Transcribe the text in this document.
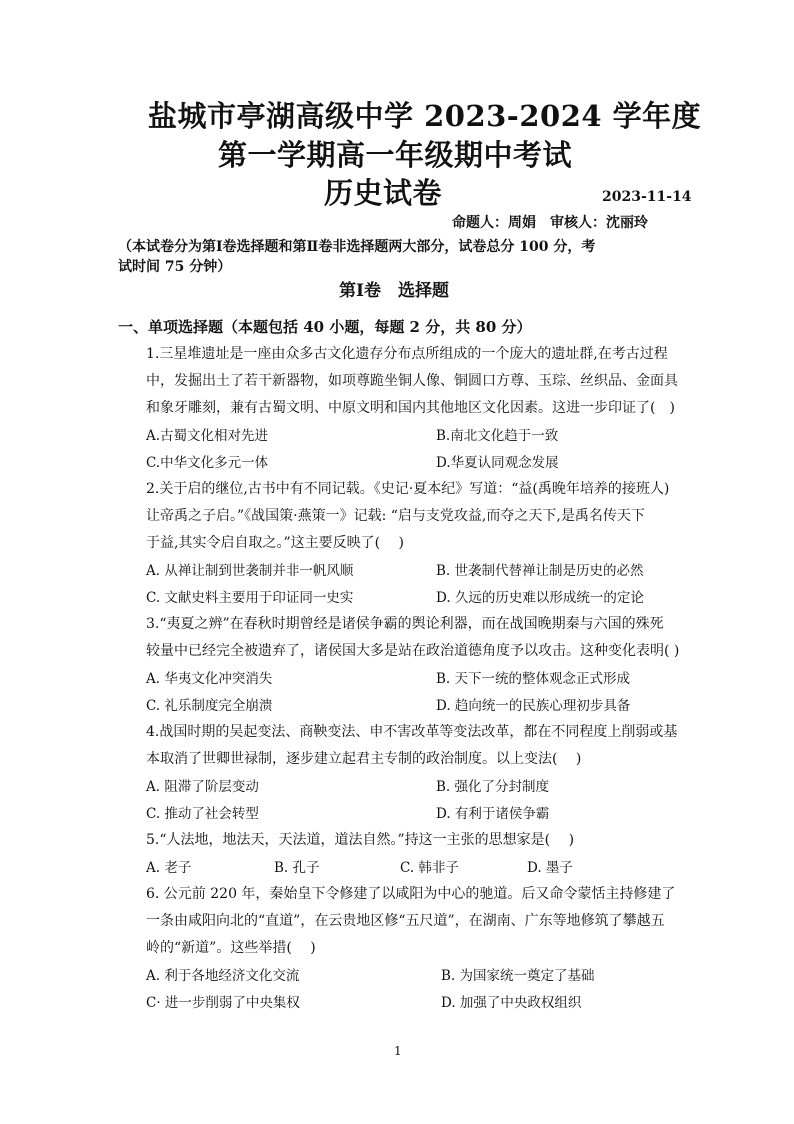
盐城市亭湖高级中学 2023-2024 学年度
第一学期高一年级期中考试
历史试卷	2023-11-14
命题人：周娟　审核人：沈丽玲
（本试卷分为第Ⅰ卷选择题和第Ⅱ卷非选择题两大部分，试卷总分 100 分，考
试时间 75 分钟）
第Ⅰ卷　选择题
一、单项选择题（本题包括 40 小题，每题 2 分，共 80 分）
1.三星堆遗址是一座由众多古文化遗存分布点所组成的一个庞大的遗址群,在考古过程
中，发掘出土了若干新器物，如项尊跪坐铜人像、铜圆口方尊、玉琮、丝织品、金面具
和象牙雕刻，兼有古蜀文明、中原文明和国内其他地区文化因素。这进一步印证了(　)
A.古蜀文化相对先进	B.南北文化趋于一致
C.中华文化多元一体	D.华夏认同观念发展
2.关于启的继位,古书中有不同记载。《史记·夏本纪》写道：“益(禹晚年培养的接班人)
让帝禹之子启。”《战国策·燕策一》记载: “启与支党攻益,而夺之天下,是禹名传天下
于益,其实令启自取之。”这主要反映了(　 )
A. 从禅让制到世袭制并非一帆风顺	B. 世袭制代替禅让制是历史的必然
C. 文献史料主要用于印证同一史实	D. 久远的历史难以形成统一的定论
3.“夷夏之辨”在春秋时期曾经是诸侯争霸的舆论利器，而在战国晚期秦与六国的殊死
较量中已经完全被遗弃了，诸侯国大多是站在政治道德角度予以攻击。这种变化表明( )
A. 华夷文化冲突消失	B. 天下一统的整体观念正式形成
C. 礼乐制度完全崩溃	D. 趋向统一的民族心理初步具备
4.战国时期的吴起变法、商鞅变法、申不害改革等变法改革，都在不同程度上削弱或基
本取消了世卿世禄制，逐步建立起君主专制的政治制度。以上变法(　 )
A. 阻滞了阶层变动	B. 强化了分封制度
C. 推动了社会转型	D. 有利于诸侯争霸
5.“人法地，地法天，天法道，道法自然。”持这一主张的思想家是(　 )
A. 老子	B. 孔子	C. 韩非子	D. 墨子
6. 公元前 220 年，秦始皇下令修建了以咸阳为中心的驰道。后又命令蒙恬主持修建了
一条由咸阳向北的“直道”，在云贵地区修“五尺道”，在湖南、广东等地修筑了攀越五
岭的“新道”。这些举措(　 )
A. 利于各地经济文化交流	B. 为国家统一奠定了基础
C· 进一步削弱了中央集权	D. 加强了中央政权组织
1
